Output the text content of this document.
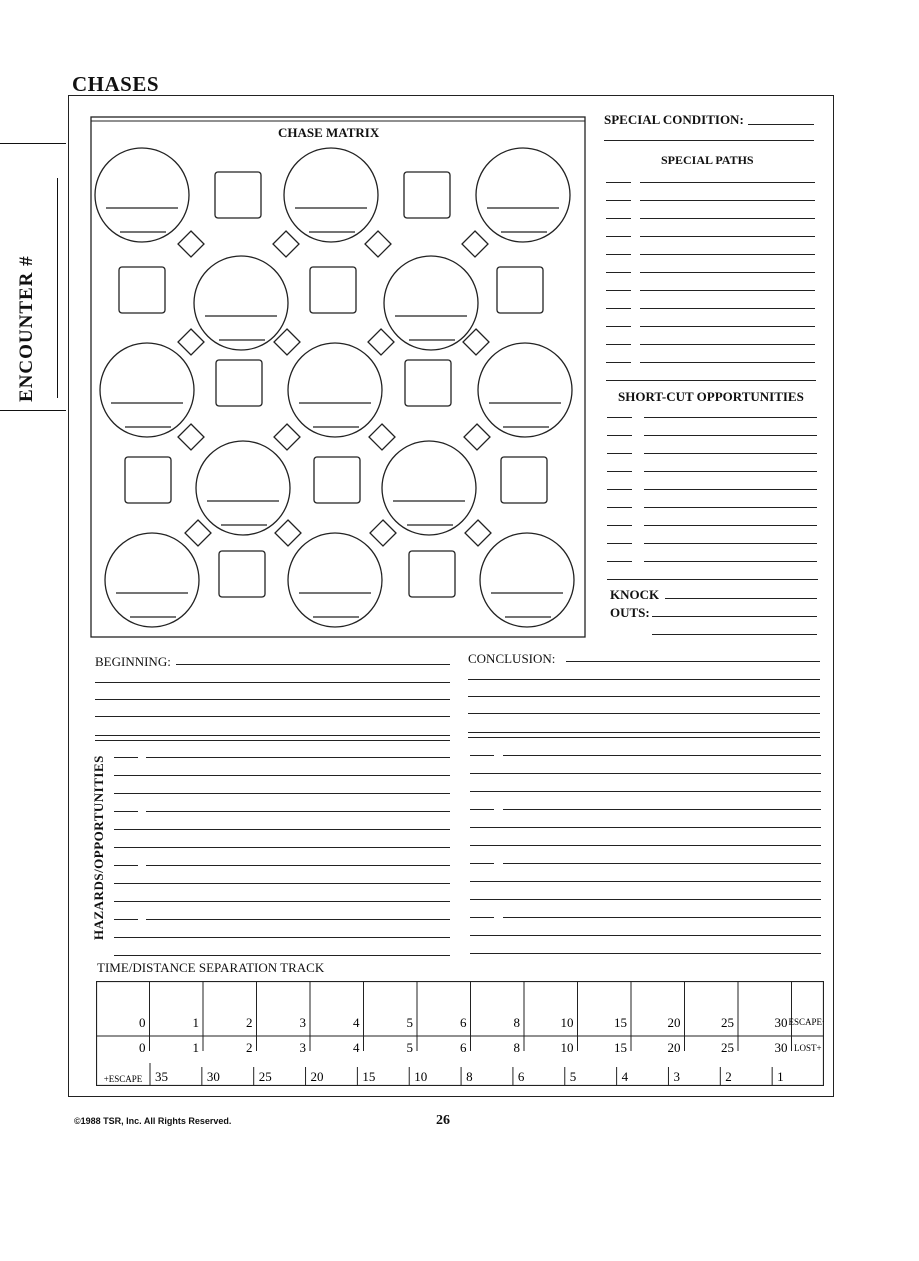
CHASES
ENCOUNTER #
CHASE MATRIX
SPECIAL CONDITION:
SPECIAL PATHS
SHORT-CUT OPPORTUNITIES
KNOCK
OUTS:
BEGINNING:	CONCLUSION:
HAZARDS/OPPORTUNITIES
TIME/DISTANCE SEPARATION TRACK
0	1	2	3	4	5	6	8	10	15	20	25	30 ESCAPE+
0	1	2	3	4	5	6	8	10	15	20	25	30 LOST+
+ESCAPE 35	30	25	20	15	10	8	6	5	4	3	2	1
©1988 TSR, Inc. All Rights Reserved.	26
